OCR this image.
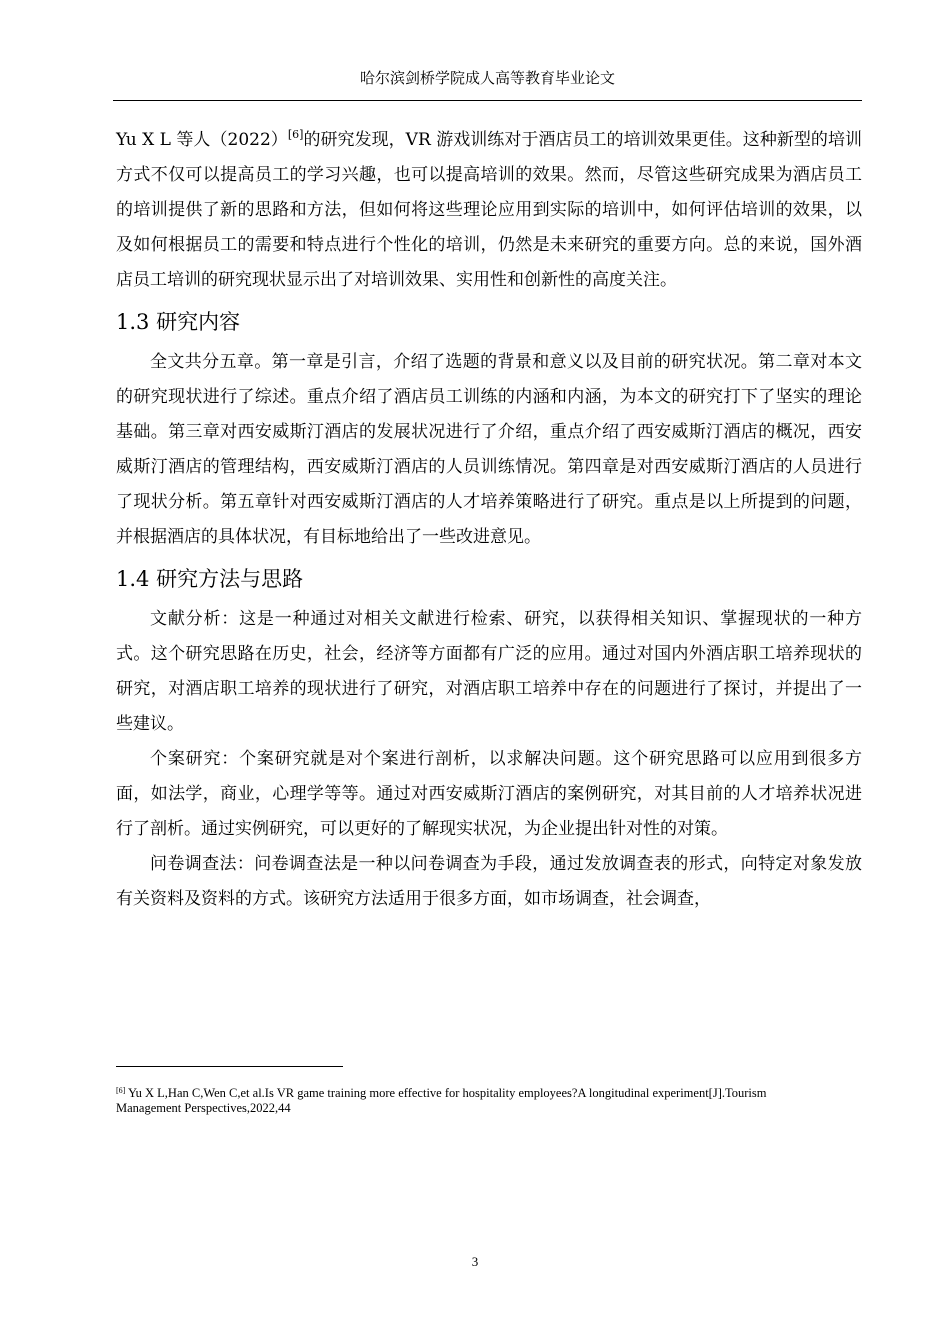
哈尔滨剑桥学院成人高等教育毕业论文

Yu X L 等人（2022）[6]的研究发现，VR 游戏训练对于酒店员工的培训效果更佳。这种新型的培训方式不仅可以提高员工的学习兴趣，也可以提高培训的效果。然而，尽管这些研究成果为酒店员工的培训提供了新的思路和方法，但如何将这些理论应用到实际的培训中，如何评估培训的效果，以及如何根据员工的需要和特点进行个性化的培训，仍然是未来研究的重要方向。总的来说，国外酒店员工培训的研究现状显示出了对培训效果、实用性和创新性的高度关注。

1.3 研究内容

全文共分五章。第一章是引言，介绍了选题的背景和意义以及目前的研究状况。第二章对本文的研究现状进行了综述。重点介绍了酒店员工训练的内涵和内涵，为本文的研究打下了坚实的理论基础。第三章对西安威斯汀酒店的发展状况进行了介绍，重点介绍了西安威斯汀酒店的概况，西安威斯汀酒店的管理结构，西安威斯汀酒店的人员训练情况。第四章是对西安威斯汀酒店的人员进行了现状分析。第五章针对西安威斯汀酒店的人才培养策略进行了研究。重点是以上所提到的问题，并根据酒店的具体状况，有目标地给出了一些改进意见。

1.4 研究方法与思路

文献分析：这是一种通过对相关文献进行检索、研究，以获得相关知识、掌握现状的一种方式。这个研究思路在历史，社会，经济等方面都有广泛的应用。通过对国内外酒店职工培养现状的研究，对酒店职工培养的现状进行了研究，对酒店职工培养中存在的问题进行了探讨，并提出了一些建议。

个案研究：个案研究就是对个案进行剖析，以求解决问题。这个研究思路可以应用到很多方面，如法学，商业，心理学等等。通过对西安威斯汀酒店的案例研究，对其目前的人才培养状况进行了剖析。通过实例研究，可以更好的了解现实状况，为企业提出针对性的对策。

问卷调查法：问卷调查法是一种以问卷调查为手段，通过发放调查表的形式，向特定对象发放有关资料及资料的方式。该研究方法适用于很多方面，如市场调查，社会调查，

[6] Yu X L,Han C,Wen C,et al.Is VR game training more effective for hospitality employees?A longitudinal experiment[J].Tourism Management Perspectives,2022,44
3
